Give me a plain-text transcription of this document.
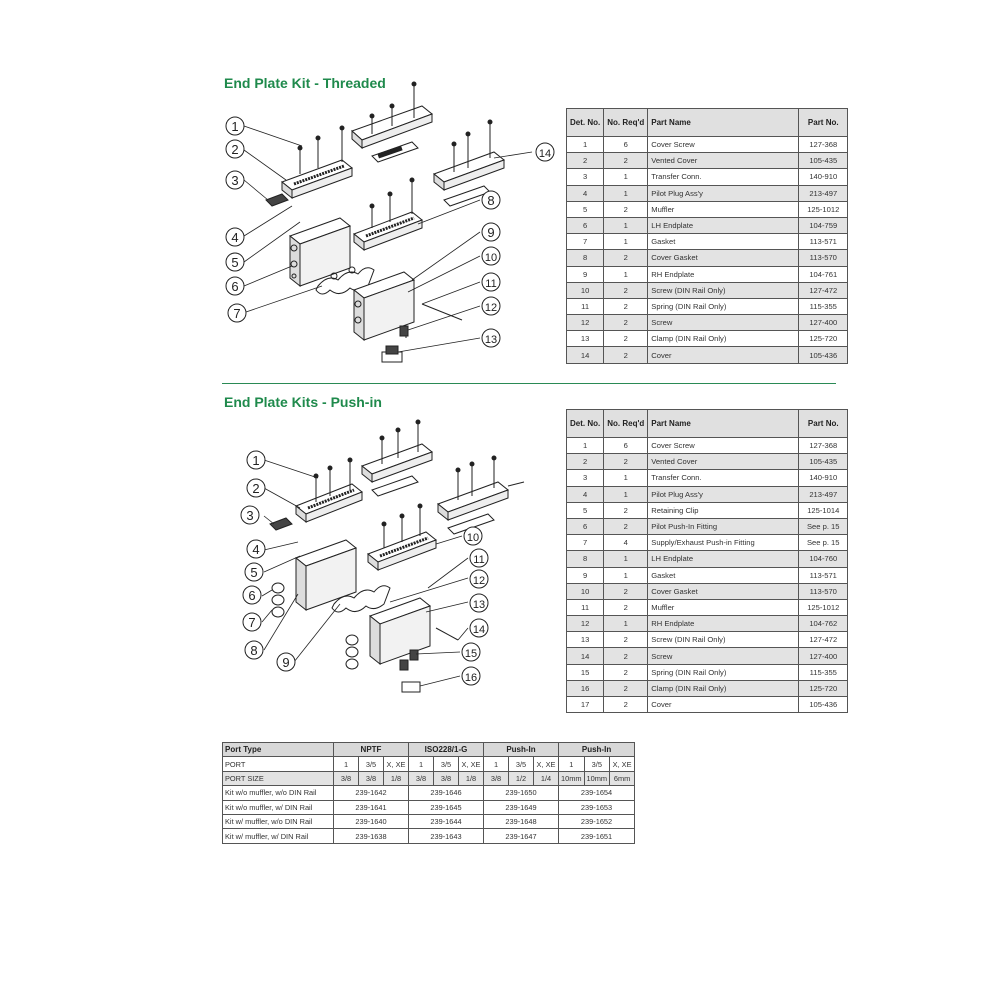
End Plate Kit - Threaded
End Plate Kits - Push-in
1
2
3
4
5
6
7
8
9
10
11
12
13
14
1
2
3
4
5
6
7
8
9
10
11
12
13
14
15
16
Det. No.	No. Req'd	Part Name	Part No.
1	6	Cover Screw	127-368
2	2	Vented Cover	105-435
3	1	Transfer Conn.	140-910
4	1	Pilot Plug Ass'y	213-497
5	2	Muffler	125-1012
6	1	LH Endplate	104-759
7	1	Gasket	113-571
8	2	Cover Gasket	113-570
9	1	RH Endplate	104-761
10	2	Screw (DIN Rail Only)	127-472
11	2	Spring (DIN Rail Only)	115-355
12	2	Screw	127-400
13	2	Clamp (DIN Rail Only)	125-720
14	2	Cover	105-436
Det. No.	No. Req'd	Part Name	Part No.
1	6	Cover Screw	127-368
2	2	Vented Cover	105-435
3	1	Transfer Conn.	140-910
4	1	Pilot Plug Ass'y	213-497
5	2	Retaining Clip	125-1014
6	2	Pilot Push-In Fitting	See p. 15
7	4	Supply/Exhaust Push-in Fitting	See p. 15
8	1	LH Endplate	104-760
9	1	Gasket	113-571
10	2	Cover Gasket	113-570
11	2	Muffler	125-1012
12	1	RH Endplate	104-762
13	2	Screw (DIN Rail Only)	127-472
14	2	Screw	127-400
15	2	Spring (DIN Rail Only)	115-355
16	2	Clamp (DIN Rail Only)	125-720
17	2	Cover	105-436
Port Type	NPTF			ISO228/1-G			Push-In			Push-In		
PORT	1	3/5	X, XE	1	3/5	X, XE	1	3/5	X, XE	1	3/5	X, XE
PORT SIZE	3/8	3/8	1/8	3/8	3/8	1/8	3/8	1/2	1/4	10mm	10mm	6mm
Kit w/o muffler, w/o DIN Rail	239-1642			239-1646			239-1650			239-1654		
Kit w/o muffler, w/ DIN Rail	239-1641			239-1645			239-1649			239-1653		
Kit w/ muffler, w/o DIN Rail	239-1640			239-1644			239-1648			239-1652		
Kit w/ muffler, w/ DIN Rail	239-1638			239-1643			239-1647			239-1651		
